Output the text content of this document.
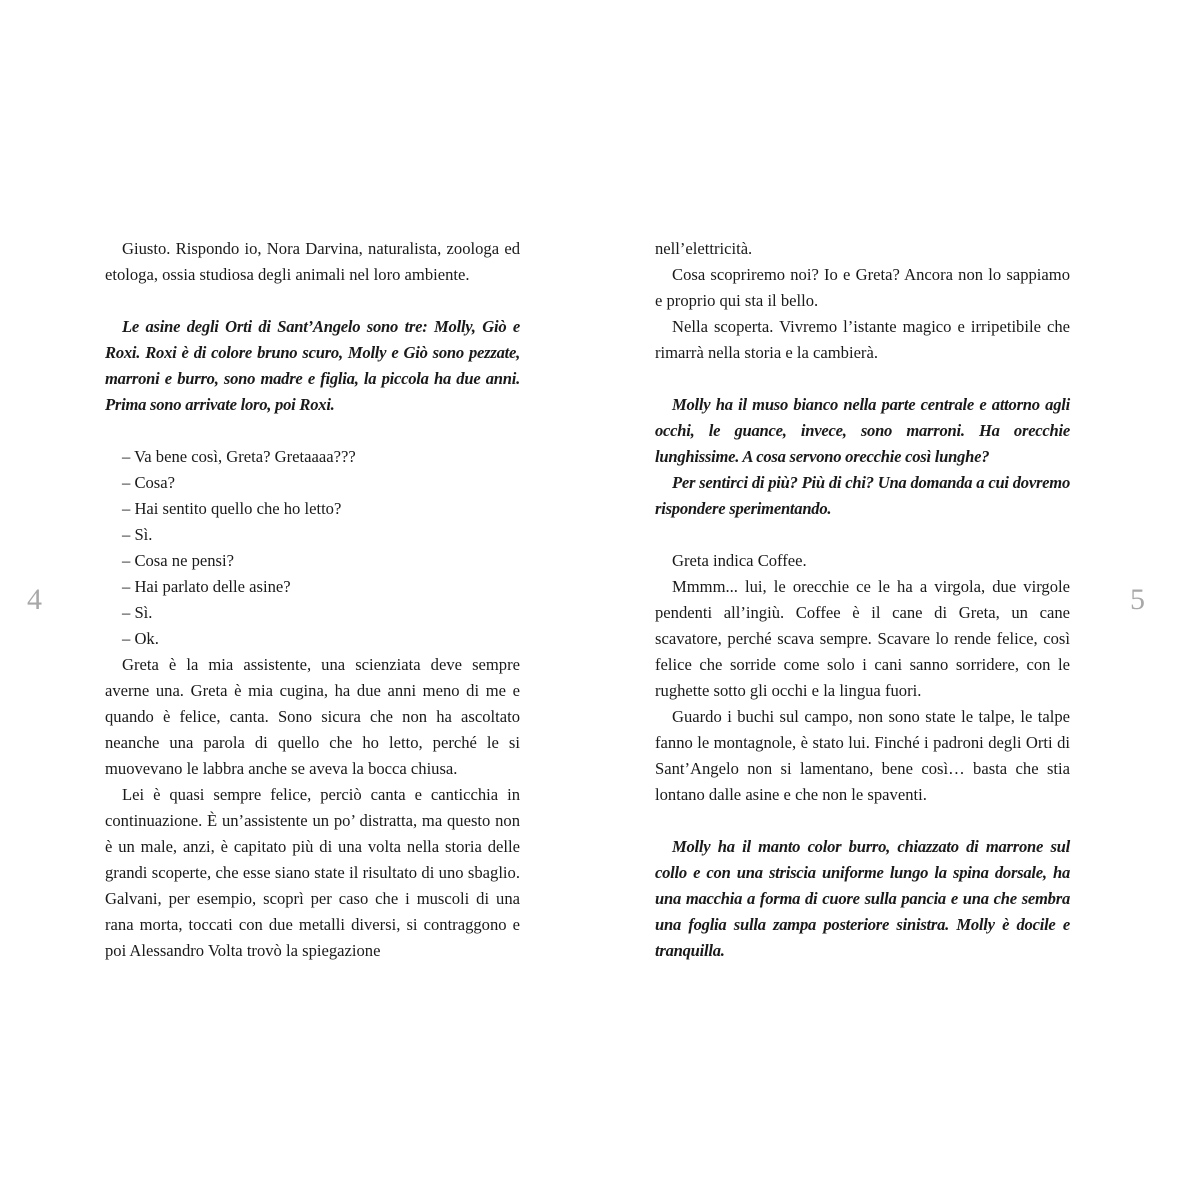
4	5

Giusto. Rispondo io, Nora Darvina, naturalista, zoologa ed etologa, ossia studiosa degli animali nel loro ambiente.

Le asine degli Orti di Sant’Angelo sono tre: Molly, Giò e Roxi. Roxi è di colore bruno scuro, Molly e Giò sono pezzate, marroni e burro, sono madre e figlia, la piccola ha due anni. Prima sono arrivate loro, poi Roxi.

– Va bene così, Greta? Gretaaaa???

– Cosa?

– Hai sentito quello che ho letto?

– Sì.

– Cosa ne pensi?

– Hai parlato delle asine?

– Sì.

– Ok.

Greta è la mia assistente, una scienziata deve sempre averne una. Greta è mia cugina, ha due anni meno di me e quando è felice, canta. Sono sicura che non ha ascoltato neanche una parola di quello che ho letto, perché le si muovevano le labbra anche se aveva la bocca chiusa.

Lei è quasi sempre felice, perciò canta e canticchia in continuazione. È un’assistente un po’ distratta, ma questo non è un male, anzi, è capitato più di una volta nella storia delle grandi scoperte, che esse siano state il risultato di uno sbaglio. Galvani, per esempio, scoprì per caso che i muscoli di una rana morta, toccati con due metalli diversi, si contraggono e poi Alessandro Volta trovò la spiegazione

nell’elettricità.

Cosa scopriremo noi? Io e Greta? Ancora non lo sappiamo e proprio qui sta il bello.

Nella scoperta. Vivremo l’istante magico e irripetibile che rimarrà nella storia e la cambierà.

Molly ha il muso bianco nella parte centrale e attorno agli occhi, le guance, invece, sono marroni. Ha orecchie lunghissime. A cosa servono orecchie così lunghe?

Per sentirci di più? Più di chi? Una domanda a cui dovremo rispondere sperimentando.

Greta indica Coffee.

Mmmm... lui, le orecchie ce le ha a virgola, due virgole pendenti all’ingiù. Coffee è il cane di Greta, un cane scavatore, perché scava sempre. Scavare lo rende felice, così felice che sorride come solo i cani sanno sorridere, con le rughette sotto gli occhi e la lingua fuori.

Guardo i buchi sul campo, non sono state le talpe, le talpe fanno le montagnole, è stato lui. Finché i padroni degli Orti di Sant’Angelo non si lamentano, bene così… basta che stia lontano dalle asine e che non le spaventi.

Molly ha il manto color burro, chiazzato di marrone sul collo e con una striscia uniforme lungo la spina dorsale, ha una macchia a forma di cuore sulla pancia e una che sembra una foglia sulla zampa posteriore sinistra. Molly è docile e tranquilla.
